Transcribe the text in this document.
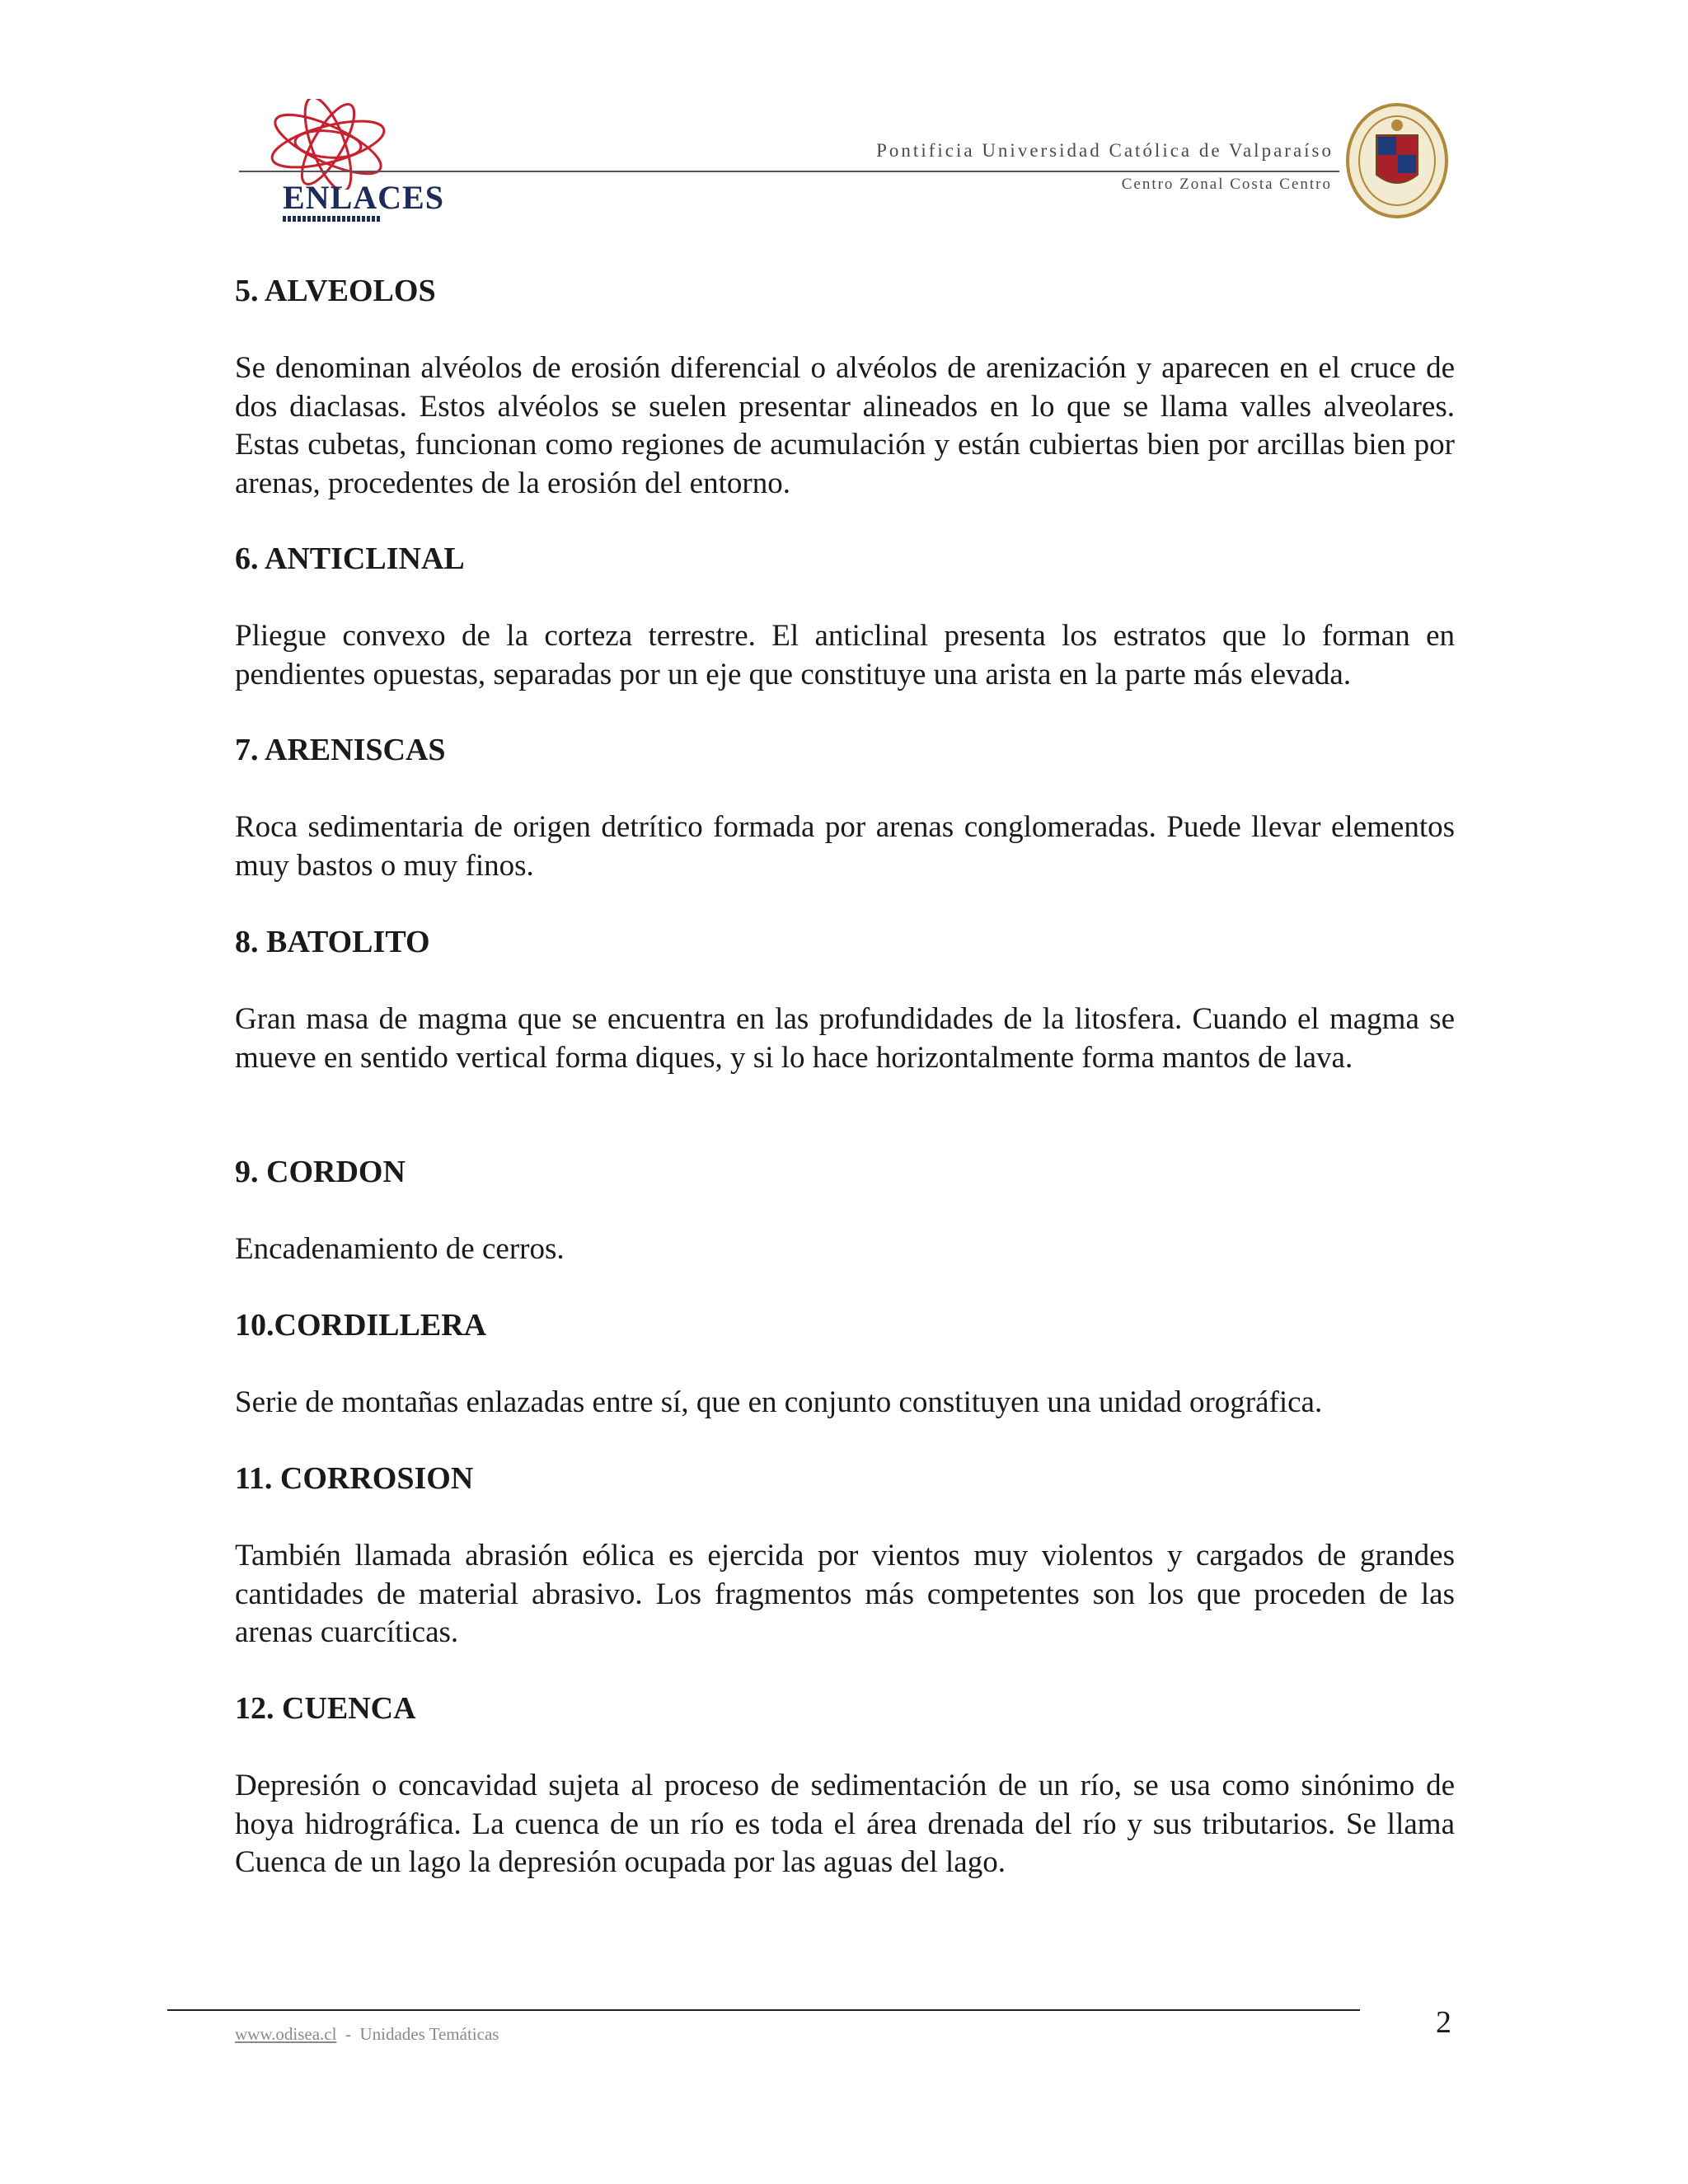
ENLACES
Pontificia Universidad Católica de Valparaíso
Centro Zonal Costa Centro
5. ALVEOLOS
Se denominan alvéolos de erosión diferencial o alvéolos de arenización y aparecen en el cruce de dos diaclasas. Estos alvéolos se suelen presentar alineados en lo que se llama valles alveolares. Estas cubetas, funcionan como regiones de acumulación y están cubiertas bien por arcillas bien por arenas, procedentes de la erosión del entorno.
6. ANTICLINAL
Pliegue convexo de la corteza terrestre. El anticlinal presenta los estratos que lo forman en pendientes opuestas, separadas por un eje que constituye una arista en la parte más elevada.
7. ARENISCAS
Roca sedimentaria de origen detrítico formada por arenas conglomeradas. Puede llevar elementos muy bastos o muy finos.
8. BATOLITO
Gran masa de magma que se encuentra en las profundidades de la litosfera. Cuando el magma se mueve en sentido vertical forma diques, y si lo hace horizontalmente forma mantos de lava.
9. CORDON
Encadenamiento de cerros.
10.CORDILLERA
Serie de montañas enlazadas entre sí, que en conjunto constituyen una unidad orográfica.
11. CORROSION
También llamada abrasión eólica es ejercida por vientos muy violentos y cargados de grandes cantidades de material abrasivo. Los fragmentos más competentes son los que proceden de las arenas cuarcíticas.
12. CUENCA
Depresión o concavidad sujeta al proceso de sedimentación de un río, se usa como sinónimo de hoya hidrográfica. La cuenca de un río es toda el área drenada del río y sus tributarios. Se llama Cuenca de un lago la depresión ocupada por las aguas del lago.
www.odisea.cl  -  Unidades Temáticas	2
